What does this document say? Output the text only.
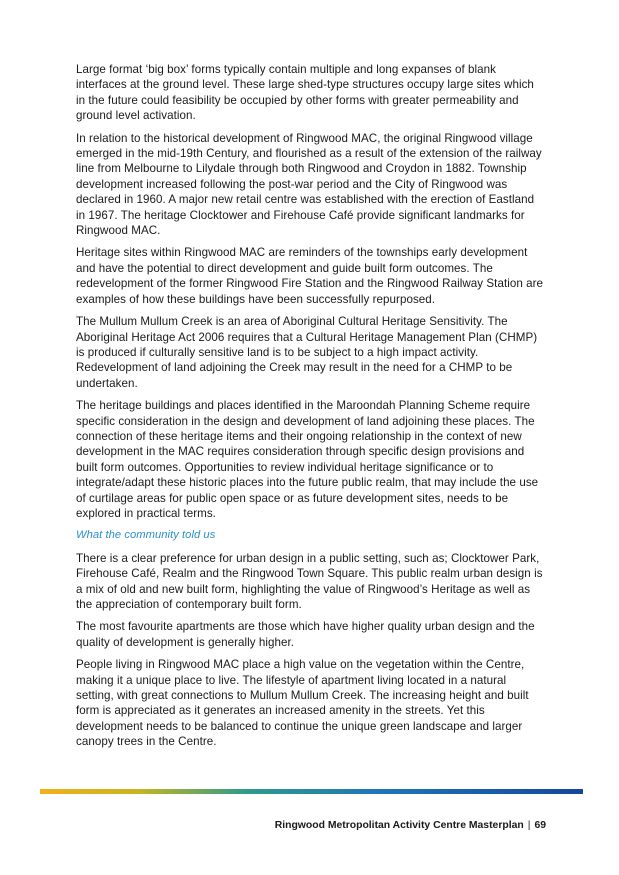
Large format ‘big box’ forms typically contain multiple and long expanses of blank interfaces at the ground level. These large shed-type structures occupy large sites which in the future could feasibility be occupied by other forms with greater permeability and ground level activation.

In relation to the historical development of Ringwood MAC, the original Ringwood village emerged in the mid-19th Century, and flourished as a result of the extension of the railway line from Melbourne to Lilydale through both Ringwood and Croydon in 1882. Township development increased following the post-war period and the City of Ringwood was declared in 1960. A major new retail centre was established with the erection of Eastland in 1967. The heritage Clocktower and Firehouse Café provide significant landmarks for Ringwood MAC.

Heritage sites within Ringwood MAC are reminders of the townships early development and have the potential to direct development and guide built form outcomes. The redevelopment of the former Ringwood Fire Station and the Ringwood Railway Station are examples of how these buildings have been successfully repurposed.

The Mullum Mullum Creek is an area of Aboriginal Cultural Heritage Sensitivity. The Aboriginal Heritage Act 2006 requires that a Cultural Heritage Management Plan (CHMP) is produced if culturally sensitive land is to be subject to a high impact activity. Redevelopment of land adjoining the Creek may result in the need for a CHMP to be undertaken.

The heritage buildings and places identified in the Maroondah Planning Scheme require specific consideration in the design and development of land adjoining these places. The connection of these heritage items and their ongoing relationship in the context of new development in the MAC requires consideration through specific design provisions and built form outcomes. Opportunities to review individual heritage significance or to integrate/adapt these historic places into the future public realm, that may include the use of curtilage areas for public open space or as future development sites, needs to be explored in practical terms.

What the community told us

There is a clear preference for urban design in a public setting, such as; Clocktower Park, Firehouse Café, Realm and the Ringwood Town Square. This public realm urban design is a mix of old and new built form, highlighting the value of Ringwood’s Heritage as well as the appreciation of contemporary built form.

The most favourite apartments are those which have higher quality urban design and the quality of development is generally higher.

People living in Ringwood MAC place a high value on the vegetation within the Centre, making it a unique place to live. The lifestyle of apartment living located in a natural setting, with great connections to Mullum Mullum Creek. The increasing height and built form is appreciated as it generates an increased amenity in the streets. Yet this development needs to be balanced to continue the unique green landscape and larger canopy trees in the Centre.

Ringwood Metropolitan Activity Centre Masterplan | 69
